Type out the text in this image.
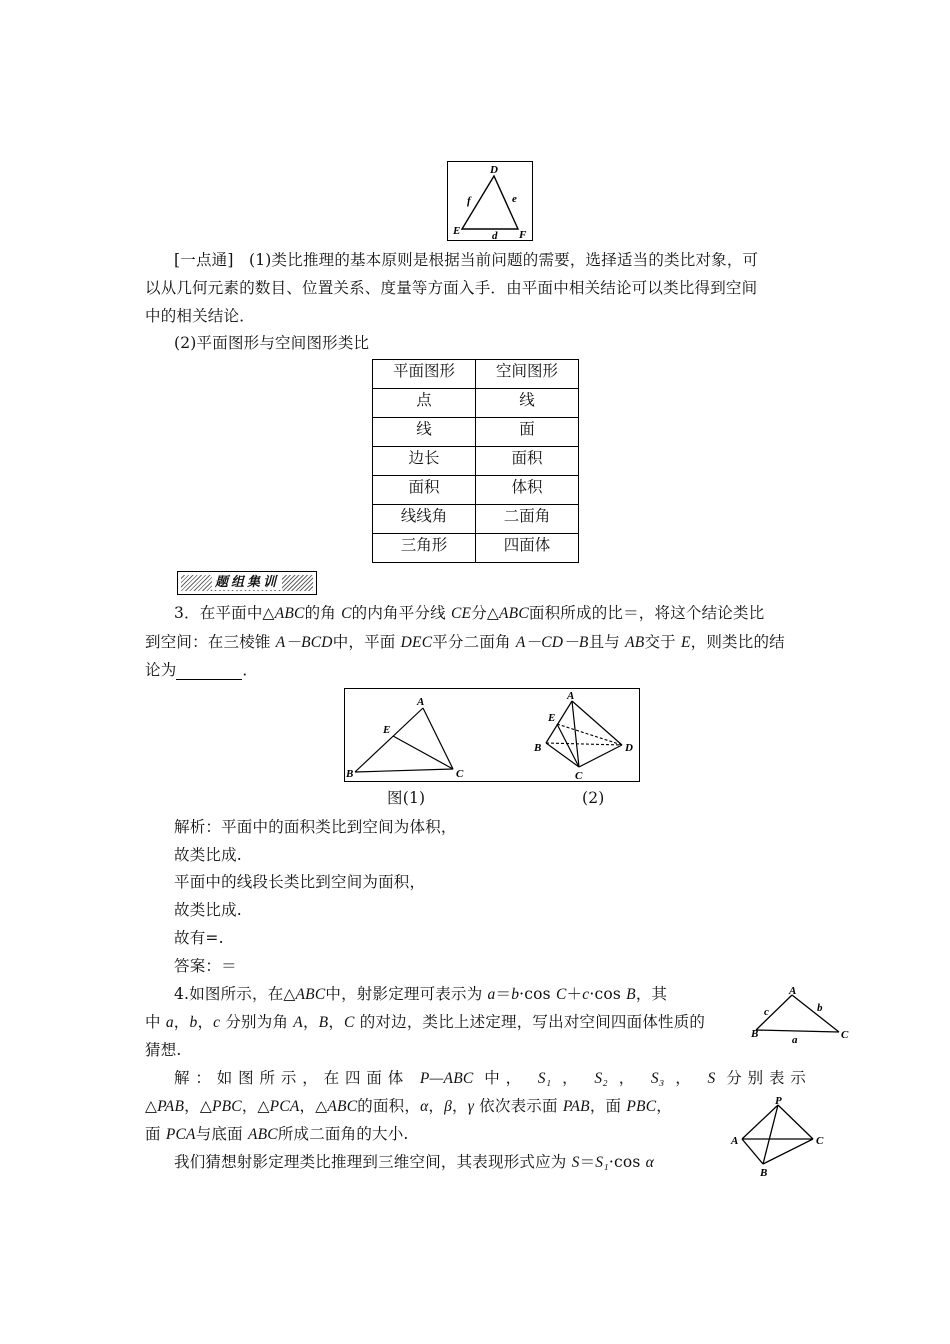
D
E	F
d
e
f
[一点通] (1)类比推理的基本原则是根据当前问题的需要，选择适当的类比对象，可
以从几何元素的数目、位置关系、度量等方面入手．由平面中相关结论可以类比得到空间
中的相关结论．
(2)平面图形与空间图形类比
平面图形	空间图形
点	线
线	面
边长	面积
面积	体积
线线角	二面角
三角形	四面体
题组集训
3．在平面中△ABC的角 C的内角平分线 CE分△ABC面积所成的比＝，将这个结论类比
到空间：在三棱锥 A－BCD中，平面 DEC平分二面角 A－CD－B且与 AB交于 E，则类比的结
论为	．
A
B	C
E
A
B
C
D
E
图(1)	(2)
解析：平面中的面积类比到空间为体积，
故类比成.
平面中的线段长类比到空间为面积，
故类比成.
故有=.
答案：＝
4.如图所示，在△ABC中，射影定理可表示为 a＝b·cos C＋c·cos B，其
中 a，b，c 分别为角 A，B，C 的对边，类比上述定理，写出对空间四面体性质的
猜想.
A
B	C
a
b
c
解：如图所示，在四面体 P—ABC 中， S₁ ， S₂ ， S₃ ， S 分别表示
△PAB，△PBC，△PCA，△ABC的面积，α，β，γ 依次表示面 PAB，面 PBC，
面 PCA与底面 ABC所成二面角的大小.
我们猜想射影定理类比推理到三维空间，其表现形式应为 S＝S₁·cos α
P
A
B
C
